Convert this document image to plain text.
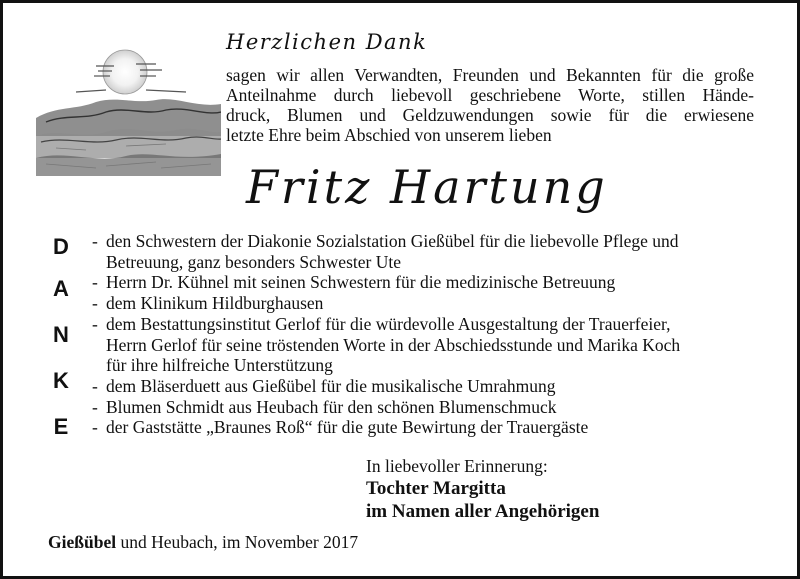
Herzlichen Dank
sagen wir allen Verwandten, Freunden und Bekannten für die große
Anteilnahme durch liebevoll geschriebene Worte, stillen Hände-
druck, Blumen und Geldzuwendungen sowie für die erwiesene
letzte Ehre beim Abschied von unserem lieben
Fritz Hartung
D
A
N
K
E
- den Schwestern der Diakonie Sozialstation Gießübel für die liebevolle Pflege und
Betreuung, ganz besonders Schwester Ute
- Herrn Dr. Kühnel mit seinen Schwestern für die medizinische Betreuung
- dem Klinikum Hildburghausen
- dem Bestattungsinstitut Gerlof für die würdevolle Ausgestaltung der Trauerfeier,
Herrn Gerlof für seine tröstenden Worte in der Abschiedsstunde und Marika Koch
für ihre hilfreiche Unterstützung
- dem Bläserduett aus Gießübel für die musikalische Umrahmung
- Blumen Schmidt aus Heubach für den schönen Blumenschmuck
- der Gaststätte „Braunes Roß“ für die gute Bewirtung der Trauergäste
In liebevoller Erinnerung:
Tochter Margitta
im Namen aller Angehörigen
Gießübel und Heubach, im November 2017
